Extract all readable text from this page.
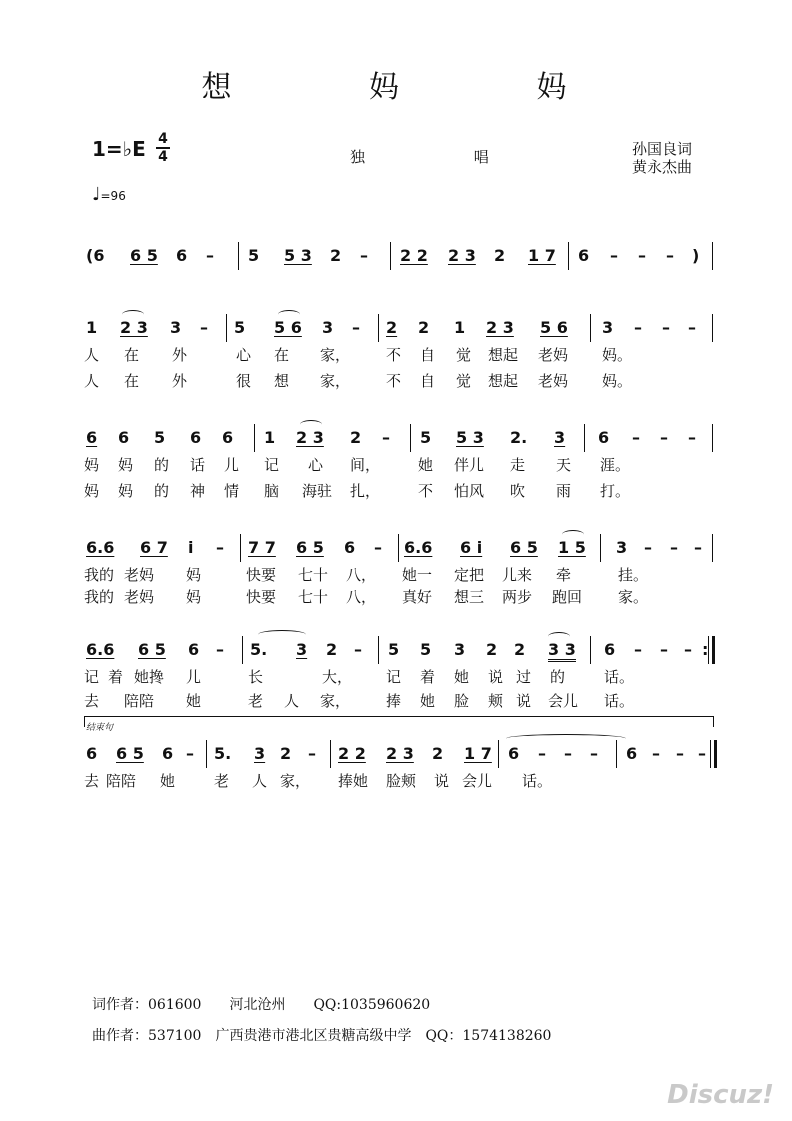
想 妈 妈
1=♭E 4
4	独 唱	孙国良词
黄永杰曲
♩=96
(6 6 5 6 – 5 5 3 2 – 2 2 2 3 2 1 7 6 – – – )
1 2 3 3 – 5 5 6 3 – 2 2 1 2 3 5 6 3 – – –
人 在 外	心 在 家， 不 自 觉 想起 老妈 妈。
人 在 外	很 想 家， 不 自 觉 想起 老妈 妈。
6 6 5 6 6 1 2 3 2 – 5 5 3 2. 3 6 – – –
妈 妈 的 话 儿 记 心 间，	她 伴儿 走 天 涯。
妈 妈 的 神 情 脑 海驻 扎，	不 怕风 吹 雨 打。
6.6 6 7 i – 7 7 6 5 6 – 6.6 6 i 6 5 1 5 3 – – –
我的 老妈 妈	快要 七十 八， 她一 定把 儿来 牵	挂。
我的 老妈 妈	快要 七十 八， 真好 想三 两步 跑回 家。
6.6 6 5 6 – 5. 3 2 – 5 5 3 2 2 3 3 6 – – – :
记 着 她搀 儿	长	大， 记 着 她 说 过 的	话。
去 陪陪 她	老 人 家， 捧 她 脸 颊 说 会儿 话。
结束句
6 6 5 6 – 5. 3 2 – 2 2 2 3 2 1 7 6 – – – 6 – – –
去 陪陪 她	老 人 家， 捧她 脸颊 说 会儿 话。
词作者：061600　　河北沧州　　QQ:1035960620
曲作者：537100　广西贵港市港北区贵糖高级中学　QQ：1574138260
Discuz!
